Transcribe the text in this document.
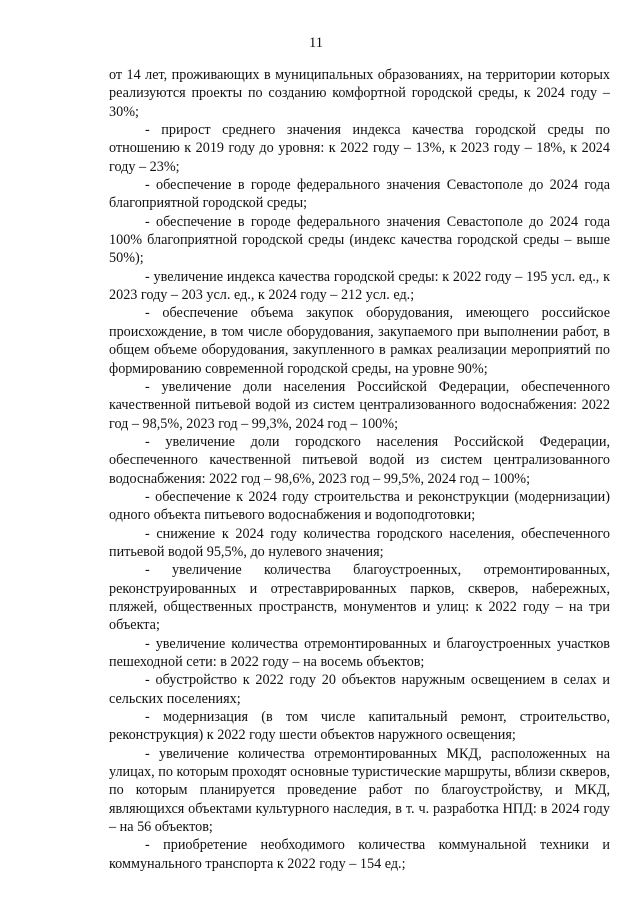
11

от 14 лет, проживающих в муниципальных образованиях, на территории которых реализуются проекты по созданию комфортной городской среды, к 2024 году – 30%;

- прирост среднего значения индекса качества городской среды по отношению к 2019 году до уровня: к 2022 году – 13%, к 2023 году – 18%, к 2024 году – 23%;

- обеспечение в городе федерального значения Севастополе до 2024 года благоприятной городской среды;

- обеспечение в городе федерального значения Севастополе до 2024 года 100% благоприятной городской среды (индекс качества городской среды – выше 50%);

- увеличение индекса качества городской среды: к 2022 году – 195 усл. ед., к 2023 году – 203 усл. ед., к 2024 году – 212 усл. ед.;

- обеспечение объема закупок оборудования, имеющего российское происхождение, в том числе оборудования, закупаемого при выполнении работ, в общем объеме оборудования, закупленного в рамках реализации мероприятий по формированию современной городской среды, на уровне 90%;

- увеличение доли населения Российской Федерации, обеспеченного качественной питьевой водой из систем централизованного водоснабжения: 2022 год – 98,5%, 2023 год – 99,3%, 2024 год – 100%;

- увеличение доли городского населения Российской Федерации, обеспеченного качественной питьевой водой из систем централизованного водоснабжения: 2022 год – 98,6%, 2023 год – 99,5%, 2024 год – 100%;

- обеспечение к 2024 году строительства и реконструкции (модернизации) одного объекта питьевого водоснабжения и водоподготовки;

- снижение к 2024 году количества городского населения, обеспеченного питьевой водой 95,5%, до нулевого значения;

- увеличение количества благоустроенных, отремонтированных, реконструированных и отреставрированных парков, скверов, набережных, пляжей, общественных пространств, монументов и улиц: к 2022 году – на три объекта;

- увеличение количества отремонтированных и благоустроенных участков пешеходной сети: в 2022 году – на восемь объектов;

- обустройство к 2022 году 20 объектов наружным освещением в селах и сельских поселениях;

- модернизация (в том числе капитальный ремонт, строительство, реконструкция) к 2022 году шести объектов наружного освещения;

- увеличение количества отремонтированных МКД, расположенных на улицах, по которым проходят основные туристические маршруты, вблизи скверов, по которым планируется проведение работ по благоустройству, и МКД, являющихся объектами культурного наследия, в т. ч. разработка НПД: в 2024 году – на 56 объектов;

- приобретение необходимого количества коммунальной техники и коммунального транспорта к 2022 году – 154 ед.;
